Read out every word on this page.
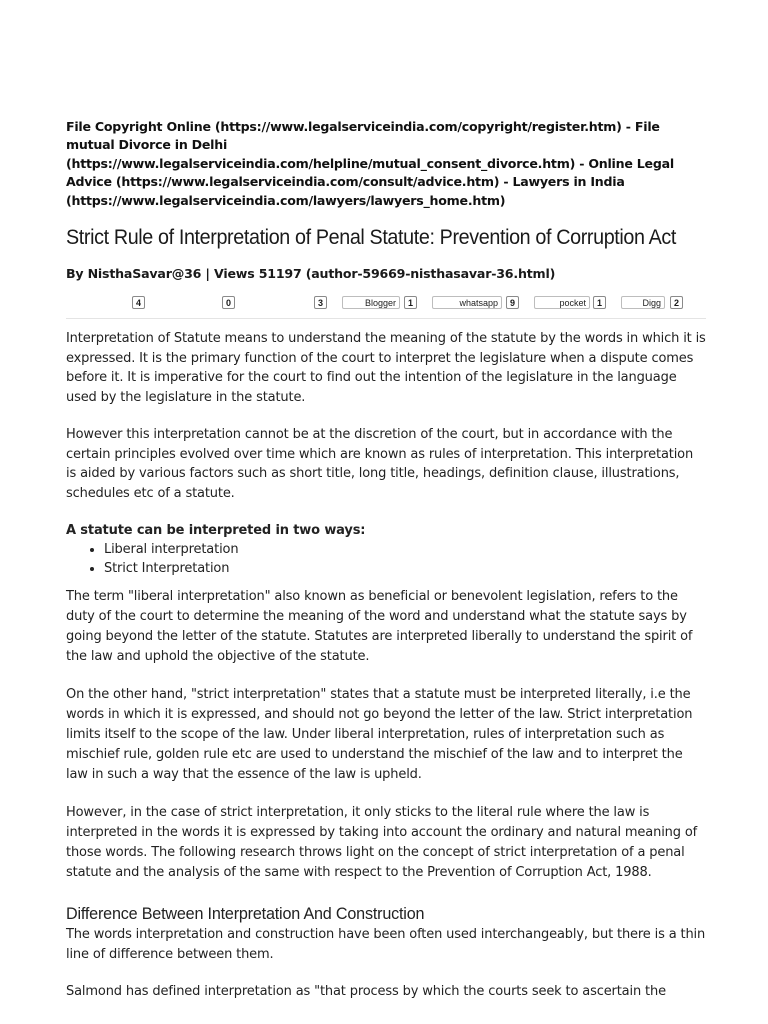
File Copyright Online (https://www.legalserviceindia.com/copyright/register.htm) - File mutual Divorce in Delhi (https://www.legalserviceindia.com/helpline/mutual_consent_divorce.htm) - Online Legal Advice (https://www.legalserviceindia.com/consult/advice.htm) - Lawyers in India (https://www.legalserviceindia.com/lawyers/lawyers_home.htm)
Strict Rule of Interpretation of Penal Statute: Prevention of Corruption Act
By NisthaSavar@36 | Views 51197 (author-59669-nisthasavar-36.html)
4	0	3	Blogger	1	whatsapp	9	pocket	1	Digg	2

Interpretation of Statute means to understand the meaning of the statute by the words in which it is expressed. It is the primary function of the court to interpret the legislature when a dispute comes before it. It is imperative for the court to find out the intention of the legislature in the language used by the legislature in the statute.

However this interpretation cannot be at the discretion of the court, but in accordance with the certain principles evolved over time which are known as rules of interpretation. This interpretation is aided by various factors such as short title, long title, headings, definition clause, illustrations, schedules etc of a statute.

A statute can be interpreted in two ways:
• Liberal interpretation
• Strict Interpretation

The term "liberal interpretation" also known as beneficial or benevolent legislation, refers to the duty of the court to determine the meaning of the word and understand what the statute says by going beyond the letter of the statute. Statutes are interpreted liberally to understand the spirit of the law and uphold the objective of the statute.

On the other hand, "strict interpretation" states that a statute must be interpreted literally, i.e the words in which it is expressed, and should not go beyond the letter of the law. Strict interpretation limits itself to the scope of the law. Under liberal interpretation, rules of interpretation such as mischief rule, golden rule etc are used to understand the mischief of the law and to interpret the law in such a way that the essence of the law is upheld.

However, in the case of strict interpretation, it only sticks to the literal rule where the law is interpreted in the words it is expressed by taking into account the ordinary and natural meaning of those words. The following research throws light on the concept of strict interpretation of a penal statute and the analysis of the same with respect to the Prevention of Corruption Act, 1988.

Difference Between Interpretation And Construction

The words interpretation and construction have been often used interchangeably, but there is a thin line of difference between them.

Salmond has defined interpretation as "that process by which the courts seek to ascertain the
